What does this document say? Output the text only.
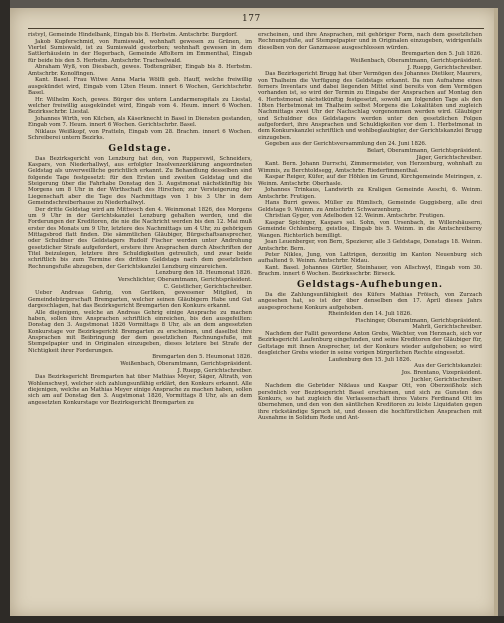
177

ristvyl, Gemeinde Hindelbank, Eingab bis 8. Herbstm. Amtschrbr. Burgdorf.

Jakob Kupferschmid, von Rumiswald, wohnhaft gewesen zu Grünen, im Viertel Sumiswald, ist zu Sumiswald gestorben; wohnhaft gewesen in dem Sattlerhäuslein in der Hegerbach, Gemeinde Affoltern im Emmenthal, Eingab für beide bis den 5. Herbstm. Amtschrbr. Trachselwald.

Abraham Wyß, von Diesbach, gewes. Todtengräber, Eingab bis 8. Herbstm. Amtschrbr. Konolfingen.

Kant. Basel. Frau Witwe Anna Maria Wölfli geb. Hauff, welche freiwillig ausgekündet wird, Eingab vom 12ten Heum. innert 6 Wochen, Gerichtschrbr. Basel.

Hr. Wilhelm Koch, gewes. Bürger des untern Landarmenspitals zu Liestal, welcher freiwillig ausgekündet wird, Eingab vom 4. Heum. innert 6 Wochen. Bezirksschrbr. Liestal.

Johannes Wirth, von Kilchen, als Käserknecht in Basel in Diensten gestanden, Eingab vom 7. Heum. innert 6 Wochen. Gerichtschrbr. Basel.

Niklaus Weißkopf, von Pratteln, Eingab vom 28. Brachm. innert 6 Wochen. Schreiberei untern Bezirks.

Geldstage.

Das Bezirksgericht von Lenzburg hat den, von Rupperswil, Schneiders, Kaspars, von Niederhallwyl, aus erfolgter Insolvenzerklärung angeordneten Geldstag als unverweilliche gerichtlich erkannt. Zu Behandlung desselben sind folgende Tage festgesetzt: für den Ersten und zweiten Geldstag und die Steigerung über die Fahrhabe Donstag den 3. Augstmonat nächstkünftig bis Morgens um 8 Uhr in der Wirthschaft des Hirschen; zur Versteigerung der Liegenschaft aber die Tage des Nachmittags von 1 bis 3 Uhr in dem Gemeindschreiberhause zu Niederhallwyl.

Der dritte Geldstag wird am Mittwoch den 4. Weinmonat 1826, des Morgens um 9 Uhr in der Gerichtskanzlei Lenzburg gehalten werden, und die Forderungen der Kreditoren, die nie die Nachricht werden bis den 12. Mai muß erster des Monats um 9 Uhr, letztere des Nachmittags um 4 Uhr, zu gehörigem Mittagsbrod flatt finden. Die sämmtlichen Gläubiger, Bürgschaftsansprecher, oder Schuldner des Geldstagers Rudolf Fischer werden unter Androhung gesetzlicher Strafe aufgefordert, erstere ihre Ansprachen durch Abschriften der Titel beizulegen, letztere ihre Schuldigkeiten getreulich, und zwar beide schriftlich bis zum Termine des dritten Geldstags nach dem gesetzlichen Rechnungsfuße abzugeben, der Gerichtskanzlei Lenzburg einzureichen.

Lenzburg den 18. Heumonat 1826.

Verschlichter, Oberamtmann, Gerichtspräsident.

C. Geistlicher, Gerichtschreiber.

Ueber Andreas Gehrig, von Gerliken, gewesener Mitglied, in Gemeindebürgerschaft Bremgarten, welcher seinen Gläubigern Habe und Gut dargeschlagen, hat das Bezirksgericht Bremgarten den Konkurs erkannt.

Alle diejenigen, welche an Andreas Gehrig einige Ansprache zu machen haben, sollen ihre Ansprachen schriftlich einreichen, bis den ausgefeilten: Donstag den 3. Augstmonat 1826 Vormittags 8 Uhr, als an dem angesetzten Konkurstage vor Bezirksgericht Bremgarten zu erscheinen, und daselbst ihre Ansprachen mit Beibringung der dem gesetzlichen Rechnungsfuße, mit Stempelpapier und in Originalen einzugeben, dieses letztere bei Strafe der Nichtigkeit ihrer Forderungen.

Bremgarten den 5. Heumonat 1826.

Weißenbach, Oberamtmann, Gerichtspräsident.

J. Ruepp, Gerichtschreiber.

Das Bezirksgericht Bremgarten hat über Mathias Meyer, Säger, Altrath, von Wohlenschwyl, welcher sich zahlungsunfähig erklärt, den Konkurs erkannt. Alle diejenigen, welche an Mathias Meyer einige Ansprache zu machen haben, sollen sich am auf Donstag den 3. Augstmonat 1826, Vormittags 8 Uhr, als an dem angesetzten Konkurstage vor Bezirksgericht Bremgarten zu

erscheinen, und ihre Ansprachen, mit gehöriger Form, nach dem gesetzlichen Rechnungsfuße, auf Stempelpapier und in Originalen einzugeben, widrigenfalls dieselben von der Ganzmasse ausgeschlossen würden.

Bremgarten den 5. Juli 1826.

Weißenbach, Oberamtmann, Gerichtspräsident.

J. Ruepp, Gerichtschreiber.

Das Bezirksgericht Brugg hat über Vermögen des Johannes Dietiker, Maurers, von Thalheim die Verfügung des Geldstags erkannt. Da nun Aufnahme eines ferners Inventars und dabei liegenden Mittel sind bereits von dem Vermögen vorhanden ist, so wird der Termin zu Eingabe der Ansprachen auf Montag den 4. Herbstmonat nächstkünftig festgesetzt, sowohl am folgenden Tage als den 18ten Herbstmonat im Thalheim selbst Morgens die Lokalitäten und zugleich Nachmittags zwei Uhr der Nachschlag vorgenommen werden wird. Gläubiger und Schuldner des Geldstagers werden unter den gesetzlichen Folgen aufgefordert, ihre Ansprachen und Schuldigkeiten vor dem 1. Herbstmonat in dem Konkurskanzlei schriftlich und wohlbeglaubigter, der Gerichtskanzlei Brugg einzugeben.

Gegeben aus der Gerichtsversammlung den 24. Juni 1826.

Belart, Oberamtmann, Gerichtspräsident.

Jäger, Gerichtschreiber.

Kant. Bern. Johann Durrschi, Zimmermeister, von Herzenburg, wohnhaft zu Wimmis, zu Berchtoldsegg, Amtschrbr. Riederfimmenthal.

Kaspar Reiger, Küfer, auf der Höhlen im Grund, Kirchgemeinde Meiringen, z. Weinm. Amtschrbr. Oberhasle.

Johannes Trinkaus, Landwirth zu Kraligen Gemeinde Aeschi, 6. Weinm. Amtschrbr. Frutigen.

Hans Burri gewes. Müller zu Rümlisch, Gemeinde Guggisberg, alle drei Geldstage 9. Weinm. zu Amtschrbr. Schwarzenburg.

Christian Gyger, von Adelboden 12. Weinm. Amtschrbr. Frutigen.

Kaspar Spichiger, Kaspars sel. Sohn, von Ursenbach, in Willershäusern, Gemeinde Ochlenberg, geistlos, Eingab bis 5. Weinm. in die Amtschreiberey Wangen. Richterlich bemilligt.

Jean Leuenberger, von Bern, Spezierer, alle 3 Geldstage, Donstags 18. Weinm. Amtschrbr. Bern.

Peter Nikles, Jung, von Lattrigen, derzeitig im Kanton Neuenburg sich aufhaltend 9. Weinm. Amtschrbr. Nidau.

Kant. Basel. Johannes Gürtler, Steinhauer, von Allschwyl, Eingab vom 30. Brachm. innert 6 Wochen. Bezirksschrbr. Birseck.

Geldstags-Aufhebungen.

Da die Zahlungsunfähigkeit des Küfers Mathias Fröisch, von Zurzach angesehen hat, so ist der über denselben den 17. April dieses Jahrs ausgesprochene Konkurs aufgehoben.

Rheinfelden den 14. Juli 1826.

Fischinger, Oberamtmann, Gerichtspräsident.

Mahrli, Gerichtschreiber.

Nachdem der Fallit gewordene Anton Grebs, Wächter, von Herznach, sich vor Bezirksgericht Laufenburg eingefunden, und seine Kreditoren der Gläubiger für, Geltstage mit ihnen Ansprecher, ist der Konkurs wieder aufgehoben; so wird desgleicher Grebs wieder in seine vorigen bürgerlichen Rechte eingesetzt.

Laufenburg den 15. Juli 1826.

Aus der Gerichtskanzlei:

Jos. Brentano, Vizepräsident.

Juchler, Gerichtschreiber.

Nachdem die Gebrüder Niklaus und Kaspar Ott, von Oberzeißholz sich persönlich vor Bezirksgericht Basel erschienen, und sich zu Gunsten des Konkurs, so hat zugleich die Verlassenschaft ihres Vaters Ferdinand Ott im übernehmen, und den von den säntlichen Kreditoren zu leiste Liquidaten gegen ihre rückständige Spruch ist, und dessen die hochfürstlichen Ansprachen mit Ausnahme in Solidum Rede und Ant-
